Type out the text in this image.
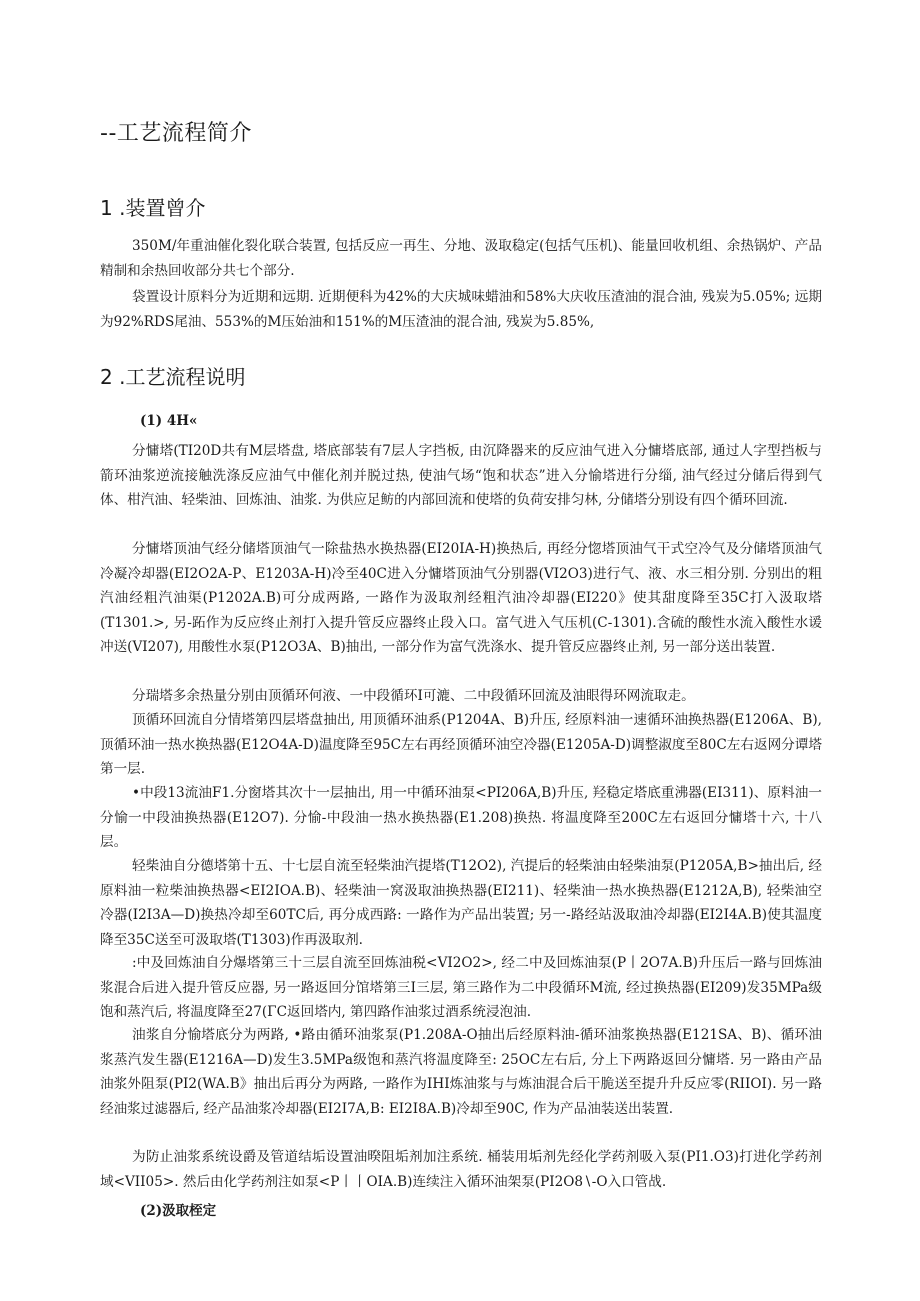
--工艺流程简介
1 .装置曾介

350M/年重油催化裂化联合装置, 包括反应一再生、分地、汲取稳定(包括气压机)、能量回收机组、余热锅炉、产品精制和余热回收部分共七个部分.

袋置设计原料分为近期和远期. 近期便科为42%的大庆城味蜡油和58%大庆收压渣油的混合油, 残炭为5.05%; 远期为92%RDS尾油、553%的M压始油和151%的M压渣油的混合油, 残炭为5.85%,

2 .工艺流程说明
(1) 4H«

分慵塔(TI20D共有M层塔盘, 塔底部装有7层人字挡板, 由沉降器来的反应油气进入分慵塔底部, 通过人字型挡板与箭环油浆逆流接触洗涤反应油气中催化剂并脱过热, 使油气场“饱和状态”进入分愉塔进行分缁, 油气经过分储后得到气体、柑汽油、轻柴油、回炼油、油浆. 为供应足鲂的内部回流和使塔的负荷安排匀林, 分储塔分别设有四个循环回流.

分慵塔顶油气经分储塔顶油气一除盐热水换热器(EI20IA-H)换热后, 再经分惚塔顶油气干式空冷气及分储塔顶油气冷凝冷却器(EI2O2A-P、E1203A-H)冷至40C进入分慵塔顶油气分别器(VI2O3)进行气、液、水三相分别. 分别出的粗汽油经粗汽油渠(P1202A.B)可分成两路, 一路作为汲取剂经粗汽油冷却器(EI220》使其甜度降至35C打入汲取塔(T1301.>, 另-跖作为反应终止剂打入提升管反应器终止段入口。富气进入气压机(C-1301).含硫的酸性水流入酸性水谖冲送(VI207), 用酸性水泵(P12O3A、B)抽出, 一部分作为富气洗涤水、提升管反应器终止剂, 另一部分送出装置.

分瑞塔多余热量分别由顶循环何液、一中段循环I可漉、二中段循环回流及油眼得环网流取走。

顶循环回流自分情塔第四层塔盘抽出, 用顶循环油系(P1204A、B)升压, 经原料油一速循环油换热器(E1206A、B), 顶循环油一热水换热器(E12O4A-D)温度降至95C左右再经顶循环油空冷器(E1205A-D)调整淑度至80C左右返网分谭塔第一层.

•中段13流油F1.分窗塔其次十一层抽出, 用一中循环油泵<PI206A,B)升压, 羟稳定塔底重沸器(EI311)、原料油一分愉一中段油换热器(E12O7). 分愉-中段油一热水换热器(E1.208)换热. 将温度降至200C左右返回分慵塔十六, 十八层。

轻柴油自分德塔第十五、十七层自流至轻柴油汽提塔(T12O2), 汽提后的轻柴油由轻柴油泵(P1205A,B>抽出后, 经原料油一粒柴油换热器<EI2IOA.B)、轻柴油一窝汲取油换热器(EI211)、轻柴油一热水换热器(E1212A,B), 轻柴油空冷器(I2I3A—D)换热冷却至60TC后, 再分成西路: 一路作为产品出装置; 另一-路经站汲取油冷却器(EI2I4A.B)使其温度降至35C送至可汲取塔(T1303)作再汲取剂.

:中及回炼油自分爆塔第三十三层自流至回炼油税<VI2O2>, 经二中及回炼油泵(P丨2O7A.B)升压后一路与回炼油浆混合后进入提升管反应器, 另一路返回分馆塔第三I三层, 第三路作为二中段循环M流, 经过换热器(EI209)发35MPa级饱和蒸汽后, 将温度降至27(ΓC返回塔内, 第四路作油浆过酒系统浸泡油.

油浆自分愉塔底分为两路, •路由循环油浆泵(P1.208A-O抽出后经原料油-循环油浆换热器(E121SA、B)、循环油浆蒸汽发生器(E1216A—D)发生3.5MPa级饱和蒸汽将温度降至: 25OC左右后, 分上下两路返回分慵塔. 另一路由产品油浆外阻泵(PI2(WA.B》抽出后再分为两路, 一路作为IHI炼油浆与与炼油混合后干脆送至提升升反应零(RIIOI). 另一路经油浆过滤器后, 经产品油浆冷却器(EI2I7A,B: EI2I8A.B)冷却至90C, 作为产品油装送出装置.

为防止油浆系统设爵及管道结垢设置油暌阻垢剂加注系统. 桶装用垢剂先经化学药剂吸入泵(PI1.O3)打进化学药剂域<VII05>. 然后由化学药剂注如泵<P丨丨OIA.B)连续注入循环油架泵(PI2O8∖-O入口管战.

(2)汲取桎定
